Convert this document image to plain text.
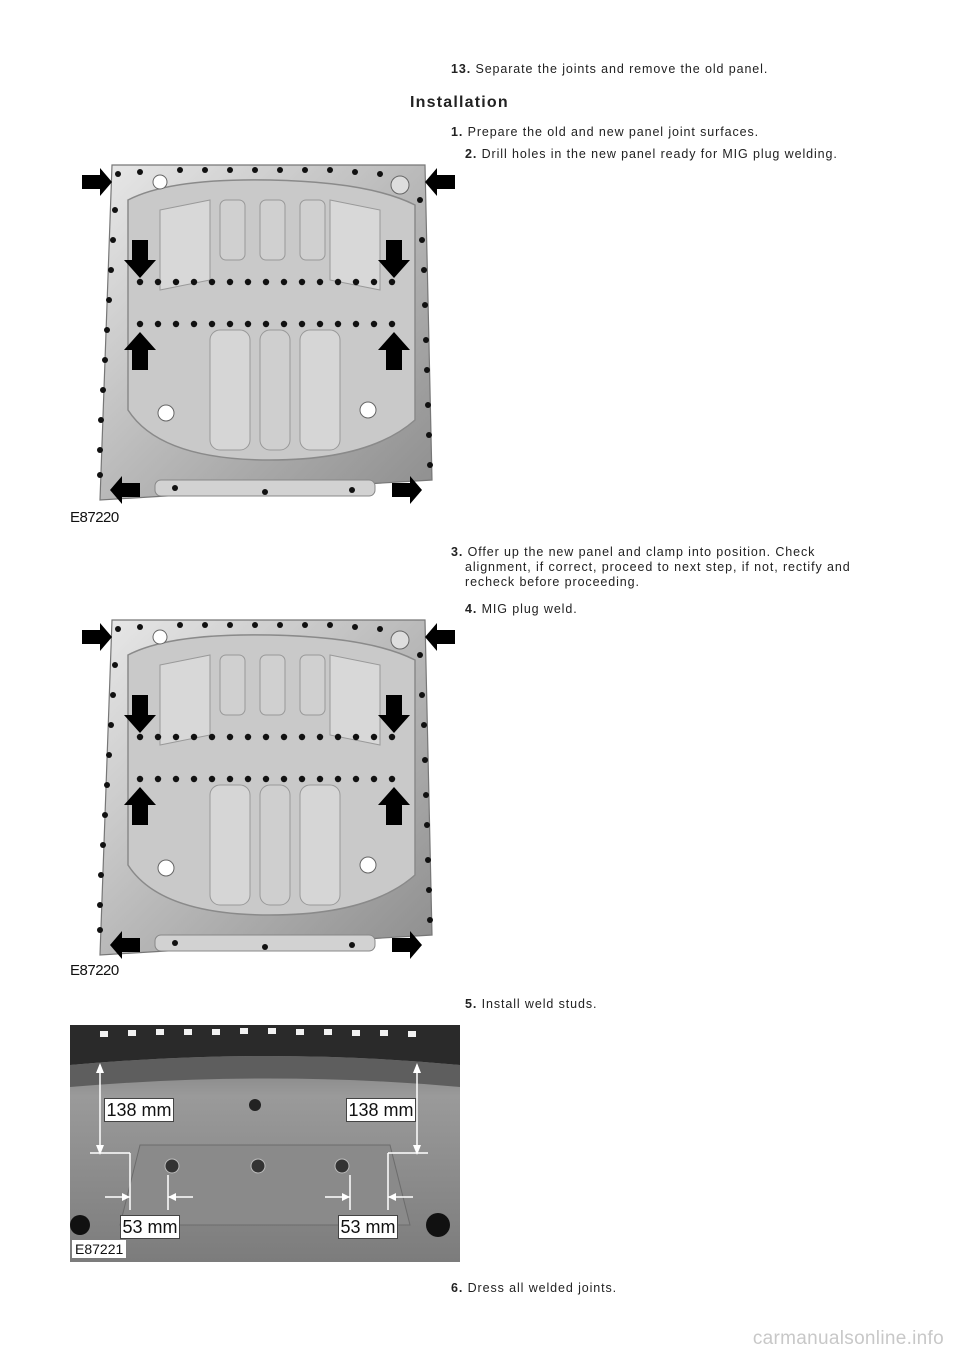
13. Separate the joints and remove the old panel.
Installation
1. Prepare the old and new panel joint surfaces.
2. Drill holes in the new panel ready for MIG plug welding.
E87220
3. Offer up the new panel and clamp into position. Check
alignment, if correct, proceed to next step, if not, rectify and
recheck before proceeding.
4. MIG plug weld.
E87220
5. Install weld studs.
138 mm	138 mm
53 mm	53 mm
E87221
6. Dress all welded joints.
carmanualsonline.info
